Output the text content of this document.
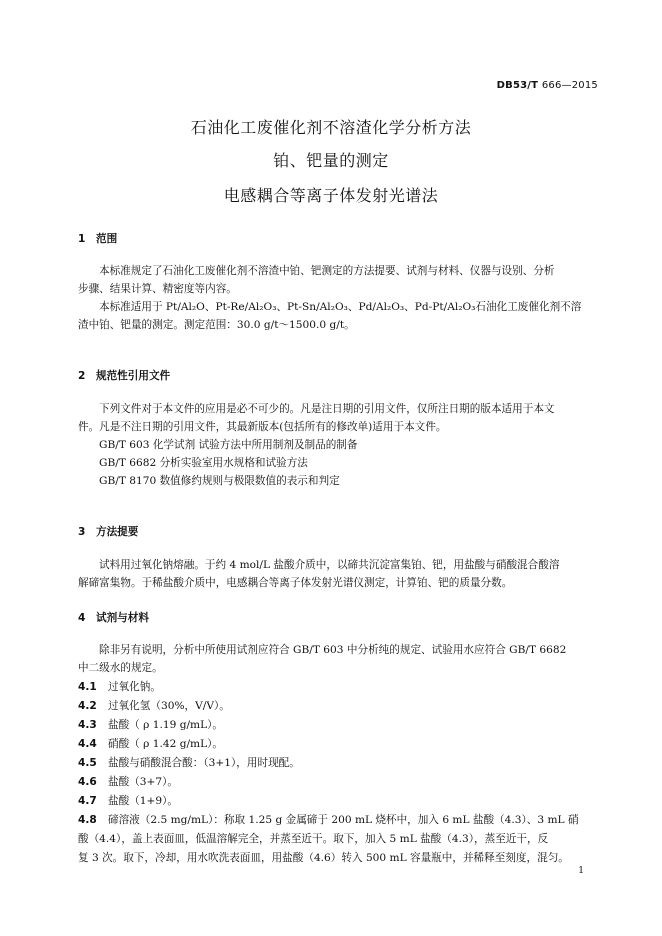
DB53/T 666—2015
石油化工废催化剂不溶渣化学分析方法
铂、钯量的测定
电感耦合等离子体发射光谱法
1 范围
本标准规定了石油化工废催化剂不溶渣中铂、钯测定的方法提要、试剂与材料、仪器与设别、分析
步骤、结果计算、精密度等内容。
本标准适用于 Pt/Al₂O、Pt-Re/Al₂O₃、Pt-Sn/Al₂O₃、Pd/Al₂O₃、Pd-Pt/Al₂O₃石油化工废催化剂不溶
渣中铂、钯量的测定。测定范围：30.0 g/t～1500.0 g/t。
2 规范性引用文件
下列文件对于本文件的应用是必不可少的。凡是注日期的引用文件，仅所注日期的版本适用于本文
件。凡是不注日期的引用文件，其最新版本(包括所有的修改单)适用于本文件。
GB/T 603 化学试剂 试验方法中所用制剂及制品的制备
GB/T 6682 分析实验室用水规格和试验方法
GB/T 8170 数值修约规则与极限数值的表示和判定
3 方法提要
试料用过氧化钠熔融。于约 4 mol/L 盐酸介质中，以碲共沉淀富集铂、钯，用盐酸与硝酸混合酸溶
解碲富集物。于稀盐酸介质中，电感耦合等离子体发射光谱仪测定，计算铂、钯的质量分数。
4 试剂与材料
除非另有说明，分析中所使用试剂应符合 GB/T 603 中分析纯的规定、试验用水应符合 GB/T 6682
中二级水的规定。
4.1 过氧化钠。
4.2 过氧化氢（30%，V/V）。
4.3 盐酸（ ρ 1.19 g/mL）。
4.4 硝酸（ ρ 1.42 g/mL）。
4.5 盐酸与硝酸混合酸：（3+1），用时现配。
4.6 盐酸（3+7）。
4.7 盐酸（1+9）。
4.8 碲溶液（2.5 mg/mL）：称取 1.25 g 金属碲于 200 mL 烧杯中，加入 6 mL 盐酸（4.3）、3 mL 硝
酸（4.4），盖上表面皿，低温溶解完全，并蒸至近干。取下，加入 5 mL 盐酸（4.3），蒸至近干，反
复 3 次。取下，冷却，用水吹洗表面皿，用盐酸（4.6）转入 500 mL 容量瓶中，并稀释至刻度，混匀。
1
